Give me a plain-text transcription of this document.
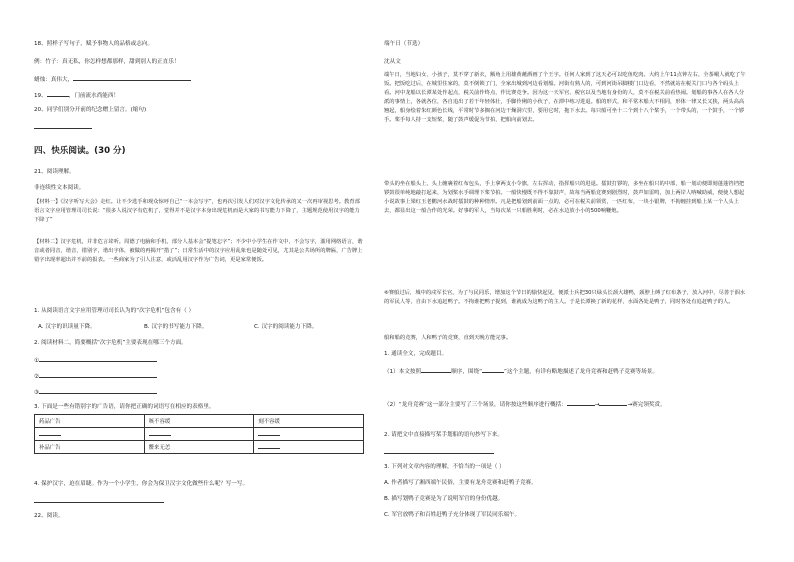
18、照样子写句子，赋予事物人的品格或志向。
例：竹子：真无私，你怎样想都那样，甜到别人的正直乐！
蜡烛：真伟大，
19、	，门前流水尚能西！
20、同学们别分开前的纪念赠上留言。(缩句)
四、快乐阅读。(30 分)
21、阅读理解。
非连续性文本阅读。
【材料一】《汉字听写大会》走红。让不少选手和观众惊呼自己“一本会写字”，也再次引发人们对汉字文化传承的又一次再审视思考。教育部语言文字应用管理司司长说：“很多人说汉字有危机了，觉得并不是汉字本身出现危机而是大家的书写能力下降了，主题规范使用汉字的能力下降了”
【材料二】汉字危机，并非危言耸听。周德了电脑和手机，部分人基本会“提笔忘字”；不少中小学生在作文中，不会写字，滥用网络语言，谐音或者同音，谐音，错别字，谐出字体，被做的再揭开“措了”；日常生活中的汉字应用乱象也是随处可见，尤其是公共场所的牌匾，广告牌上错字出现率超出并不前的报表。一些商家为了引人注意，或活乱用汉字作为广告词，更是家常便饭。
1. 从阅读语言文字应用管理司司长认为的“次字危机”包含有（ ）
A. 汉字的识读量下降。	B. 汉字的书写能力下降。	C. 汉字的阅读能力下降。
2. 阅读材料二，简要概括“次字危机”主要表现在哪三个方面。
①
②
③
3. 下面是一些有错别字的广告语，请你把正确的词语写在相应的表格里。
药品广告	咳不容缓	刻不容缓

补品广告	鳖来无恙	
4. 保护汉字，迫在眉睫。作为一个小学生，你会为保卫汉字文化做些什么呢？写一写。
22、阅读。
端午日（节选）
沈从文
端午日，当地妇女、小孩子，莫不穿了新衣，额角上用雄黄蘸酒画了个王字。任何人家到了这天必可以吃鱼吃肉。大约上午11点钟左右，全茶峒人就吃了午饭。把饭吃过后，在城里住家的，莫不倒锁了门，全家出城到河边看划船。河街有熟人的，可到河街吊脚楼门口边看，不然就站在税关门口与各个码头上看。河中龙船以长潭某处作起点，税关前作终点，作比赛竞争。因为这一天军官、税官以及当地有身份的人，莫不在税关前看热闹。划船的事各人在各人分派的事情上，各就各位，各自追出了若干年轻体壮，手脚伶俐的小伙子，在潭中练习进退。船的形式，和平常木船大不相同，形体一律又长又狭，两头高高翘起，船身绘着朱红颜色长线，平常时节多搁在河边干燥洞穴里，要用它时，拖下水去。每只船可坐十二个到十八个桨手，一个带头的，一个鼓手，一个锣手。桨手每人持一支短桨，随了鼓声缓促为节拍，把船向前划去。
带头的坐在船头上，头上缠裹着红布包头，手上拿两支小令旗，左右挥动，指挥船只的进退。擂鼓打锣的，多坐在船只的中部，船一划动便即刻蓬蓬铛铛把锣鼓很单纯地敲打起来，为划桨水手调理下桨节拍。一船快慢既不得不靠鼓声，故每当两船竞赛到剧烈时，鼓声如雷鸣，加上两岸人呐喊助威，便使人想起小说故事上梁红玉老鹳河水战时擂鼓的种种情形。凡是把船划到前面一点的，必可在税关前领赏，一匹红布，一块小银牌，不拘缠挂到船上某一个人头上去，都显出这一船合作的光荣。好事的军人，当每次某一只船胜利时，必在水边放小小的500响鞭炮。
⑥赛船过后，城中的戍军长官，为了与民同乐，增加这个节日的愉快起见，便派士兵把30只绿头长颈大雄鸭，颈脖上缚了红布条子，放入河中，尽善于泅水的军民人等，自由下水追赶鸭子。不拘谁把鸭子捉到，谁就成为这鸭子的主人。于是长潭换了新的花样，水面各处是鸭子，同时各处有追赶鸭子的人。
船和船的竞赛，人和鸭子的竞赛，直到天晚方能完事。
1. 通读全文，完成题目。
（1）本文按照	顺序，围绕“	”这个主题，有详有略地描述了龙舟竞赛和赶鸭子竞赛等场景。
（2）“龙舟竞赛”这一部分主要写了三个场景，请你按这些顺序进行概括：	→	→赛完领奖赏。
2. 请把文中直接描写桨手划船的语句抄写下来。
3. 下列对文章内容的理解，不恰当的一项是（ ）
A. 作者描写了湘西端午民俗，主要有龙舟竞赛和赶鸭子竞赛。
B. 描写划鸭子竞赛是为了说明军官的身份优越。
C. 军官放鸭子和百姓赶鸭子充分体现了军民同乐端午。
